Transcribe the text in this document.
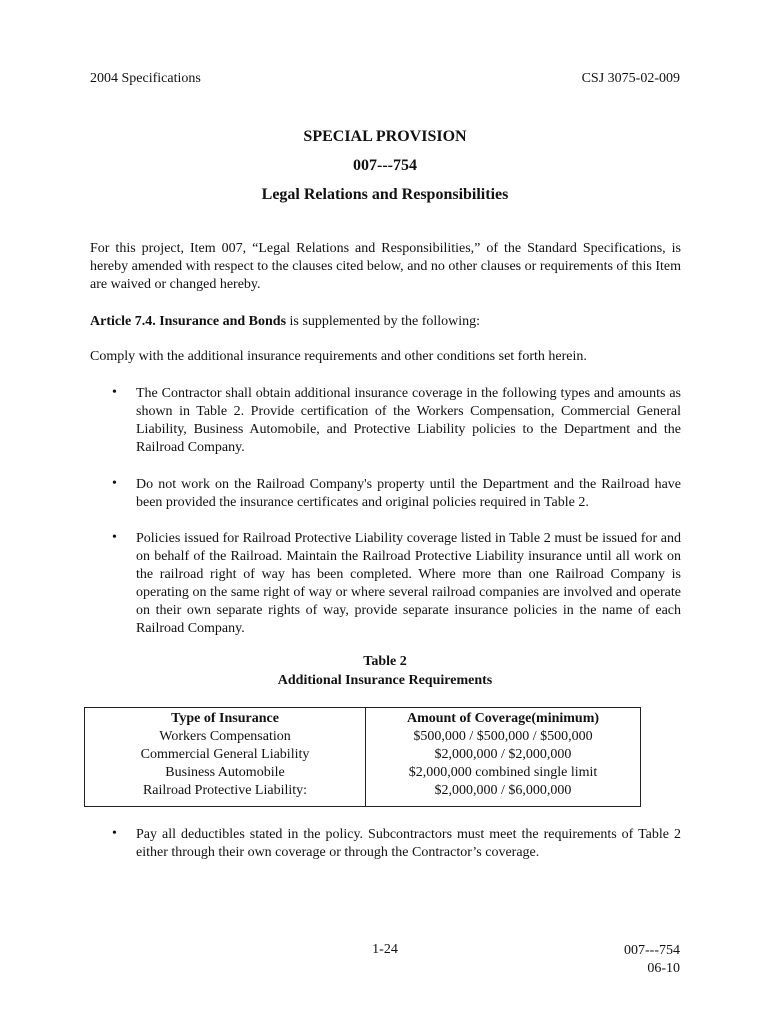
2004 Specifications	CSJ 3075-02-009
SPECIAL PROVISION
007---754
Legal Relations and Responsibilities
For this project, Item 007, “Legal Relations and Responsibilities,” of the Standard Specifications, is hereby amended with respect to the clauses cited below, and no other clauses or requirements of this Item are waived or changed hereby.
Article 7.4. Insurance and Bonds is supplemented by the following:
Comply with the additional insurance requirements and other conditions set forth herein.
•	The Contractor shall obtain additional insurance coverage in the following types and amounts as shown in Table 2. Provide certification of the Workers Compensation, Commercial General Liability, Business Automobile, and Protective Liability policies to the Department and the Railroad Company.
•	Do not work on the Railroad Company's property until the Department and the Railroad have been provided the insurance certificates and original policies required in Table 2.
•	Policies issued for Railroad Protective Liability coverage listed in Table 2 must be issued for and on behalf of the Railroad. Maintain the Railroad Protective Liability insurance until all work on the railroad right of way has been completed. Where more than one Railroad Company is operating on the same right of way or where several railroad companies are involved and operate on their own separate rights of way, provide separate insurance policies in the name of each Railroad Company.
Table 2
Additional Insurance Requirements
Type of Insurance	Amount of Coverage(minimum)
Workers Compensation	$500,000 / $500,000 / $500,000
Commercial General Liability	$2,000,000 / $2,000,000
Business Automobile	$2,000,000 combined single limit
Railroad Protective Liability:	$2,000,000 / $6,000,000
•	Pay all deductibles stated in the policy. Subcontractors must meet the requirements of Table 2 either through their own coverage or through the Contractor’s coverage.
1-24	007---754
06-10
